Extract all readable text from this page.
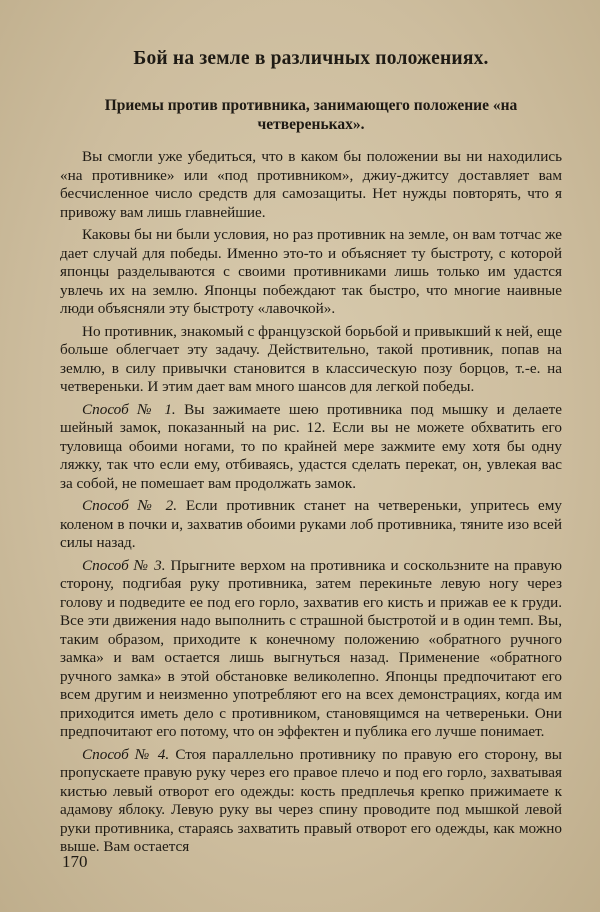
Бой на земле в различных положениях.
Приемы против противника, занимающего положение «на четвереньках».

Вы смогли уже убедиться, что в каком бы положении вы ни находились «на противнике» или «под противником», джиу-джитсу доставляет вам бесчисленное число средств для самозащиты. Нет нужды повторять, что я привожу вам лишь главнейшие.

Каковы бы ни были условия, но раз противник на земле, он вам тотчас же дает случай для победы. Именно это-то и объясняет ту быстроту, с которой японцы разделываются с своими противниками лишь только им удастся увлечь их на землю. Японцы побеждают так быстро, что многие наивные люди объясняли эту быстроту «лавочкой».

Но противник, знакомый с французской борьбой и привыкший к ней, еще больше облегчает эту задачу. Действительно, такой противник, попав на землю, в силу привычки становится в классическую позу борцов, т.-е. на четвереньки. И этим дает вам много шансов для легкой победы.

Способ № 1. Вы зажимаете шею противника под мышку и делаете шейный замок, показанный на рис. 12. Если вы не можете обхватить его туловища обоими ногами, то по крайней мере зажмите ему хотя бы одну ляжку, так что если ему, отбиваясь, удастся сделать перекат, он, увлекая вас за собой, не помешает вам продолжать замок.

Способ № 2. Если противник станет на четвереньки, упритесь ему коленом в почки и, захватив обоими руками лоб противника, тяните изо всей силы назад.

Способ № 3. Прыгните верхом на противника и соскользните на правую сторону, подгибая руку противника, затем перекиньте левую ногу через голову и подведите ее под его горло, захватив его кисть и прижав ее к груди. Все эти движения надо выполнить с страшной быстротой и в один темп. Вы, таким образом, приходите к конечному положению «обратного ручного замка» и вам остается лишь выгнуться назад. Применение «обратного ручного замка» в этой обстановке великолепно. Японцы предпочитают его всем другим и неизменно употребляют его на всех демонстрациях, когда им приходится иметь дело с противником, становящимся на четвереньки. Они предпочитают его потому, что он эффектен и публика его лучше понимает.

Способ № 4. Стоя параллельно противнику по правую его сторону, вы пропускаете правую руку через его правое плечо и под его горло, захватывая кистью левый отворот его одежды: кость предплечья крепко прижимаете к адамову яблоку. Левую руку вы через спину проводите под мышкой левой руки противника, стараясь захватить правый отворот его одежды, как можно выше. Вам остается

170
